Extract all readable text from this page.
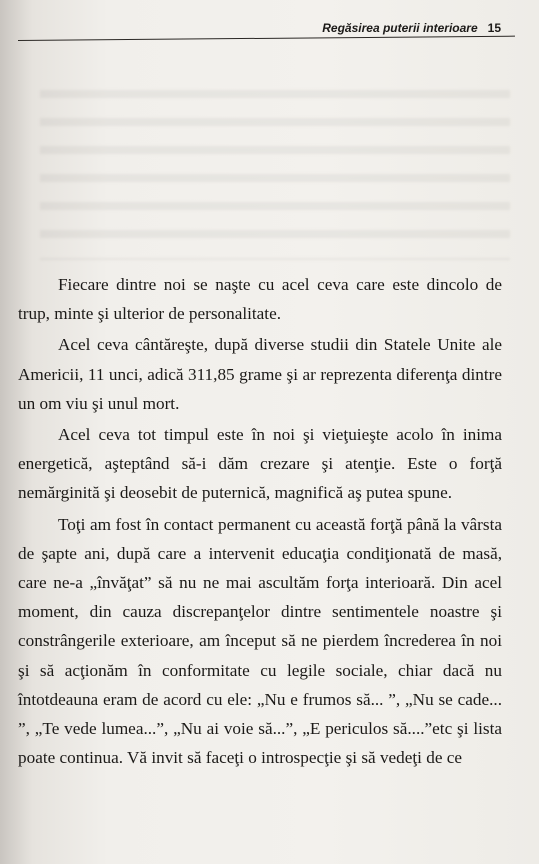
Regăsirea puterii interioare 15

Fiecare dintre noi se naşte cu acel ceva care este dincolo de trup, minte şi ulterior de personalitate.

Acel ceva cântăreşte, după diverse studii din Statele Unite ale Americii, 11 unci, adică 311,85 grame şi ar reprezenta diferenţa dintre un om viu şi unul mort.

Acel ceva tot timpul este în noi şi vieţuieşte acolo în inima energetică, aşteptând să-i dăm crezare şi atenţie. Este o forţă nemărginită şi deosebit de puternică, magnifică aş putea spune.

Toţi am fost în contact permanent cu această forţă până la vârsta de şapte ani, după care a intervenit educaţia condiţionată de masă, care ne-a „învăţat” să nu ne mai ascultăm forţa interioară. Din acel moment, din cauza discrepanţelor dintre sentimentele noastre şi constrângerile exterioare, am început să ne pierdem încrederea în noi şi să acţionăm în conformitate cu legile sociale, chiar dacă nu întotdeauna eram de acord cu ele: „Nu e frumos să... ”, „Nu se cade... ”, „Te vede lumea...”, „Nu ai voie să...”, „E periculos să....”etc şi lista poate continua. Vă invit să faceţi o introspecţie şi să vedeţi de ce
